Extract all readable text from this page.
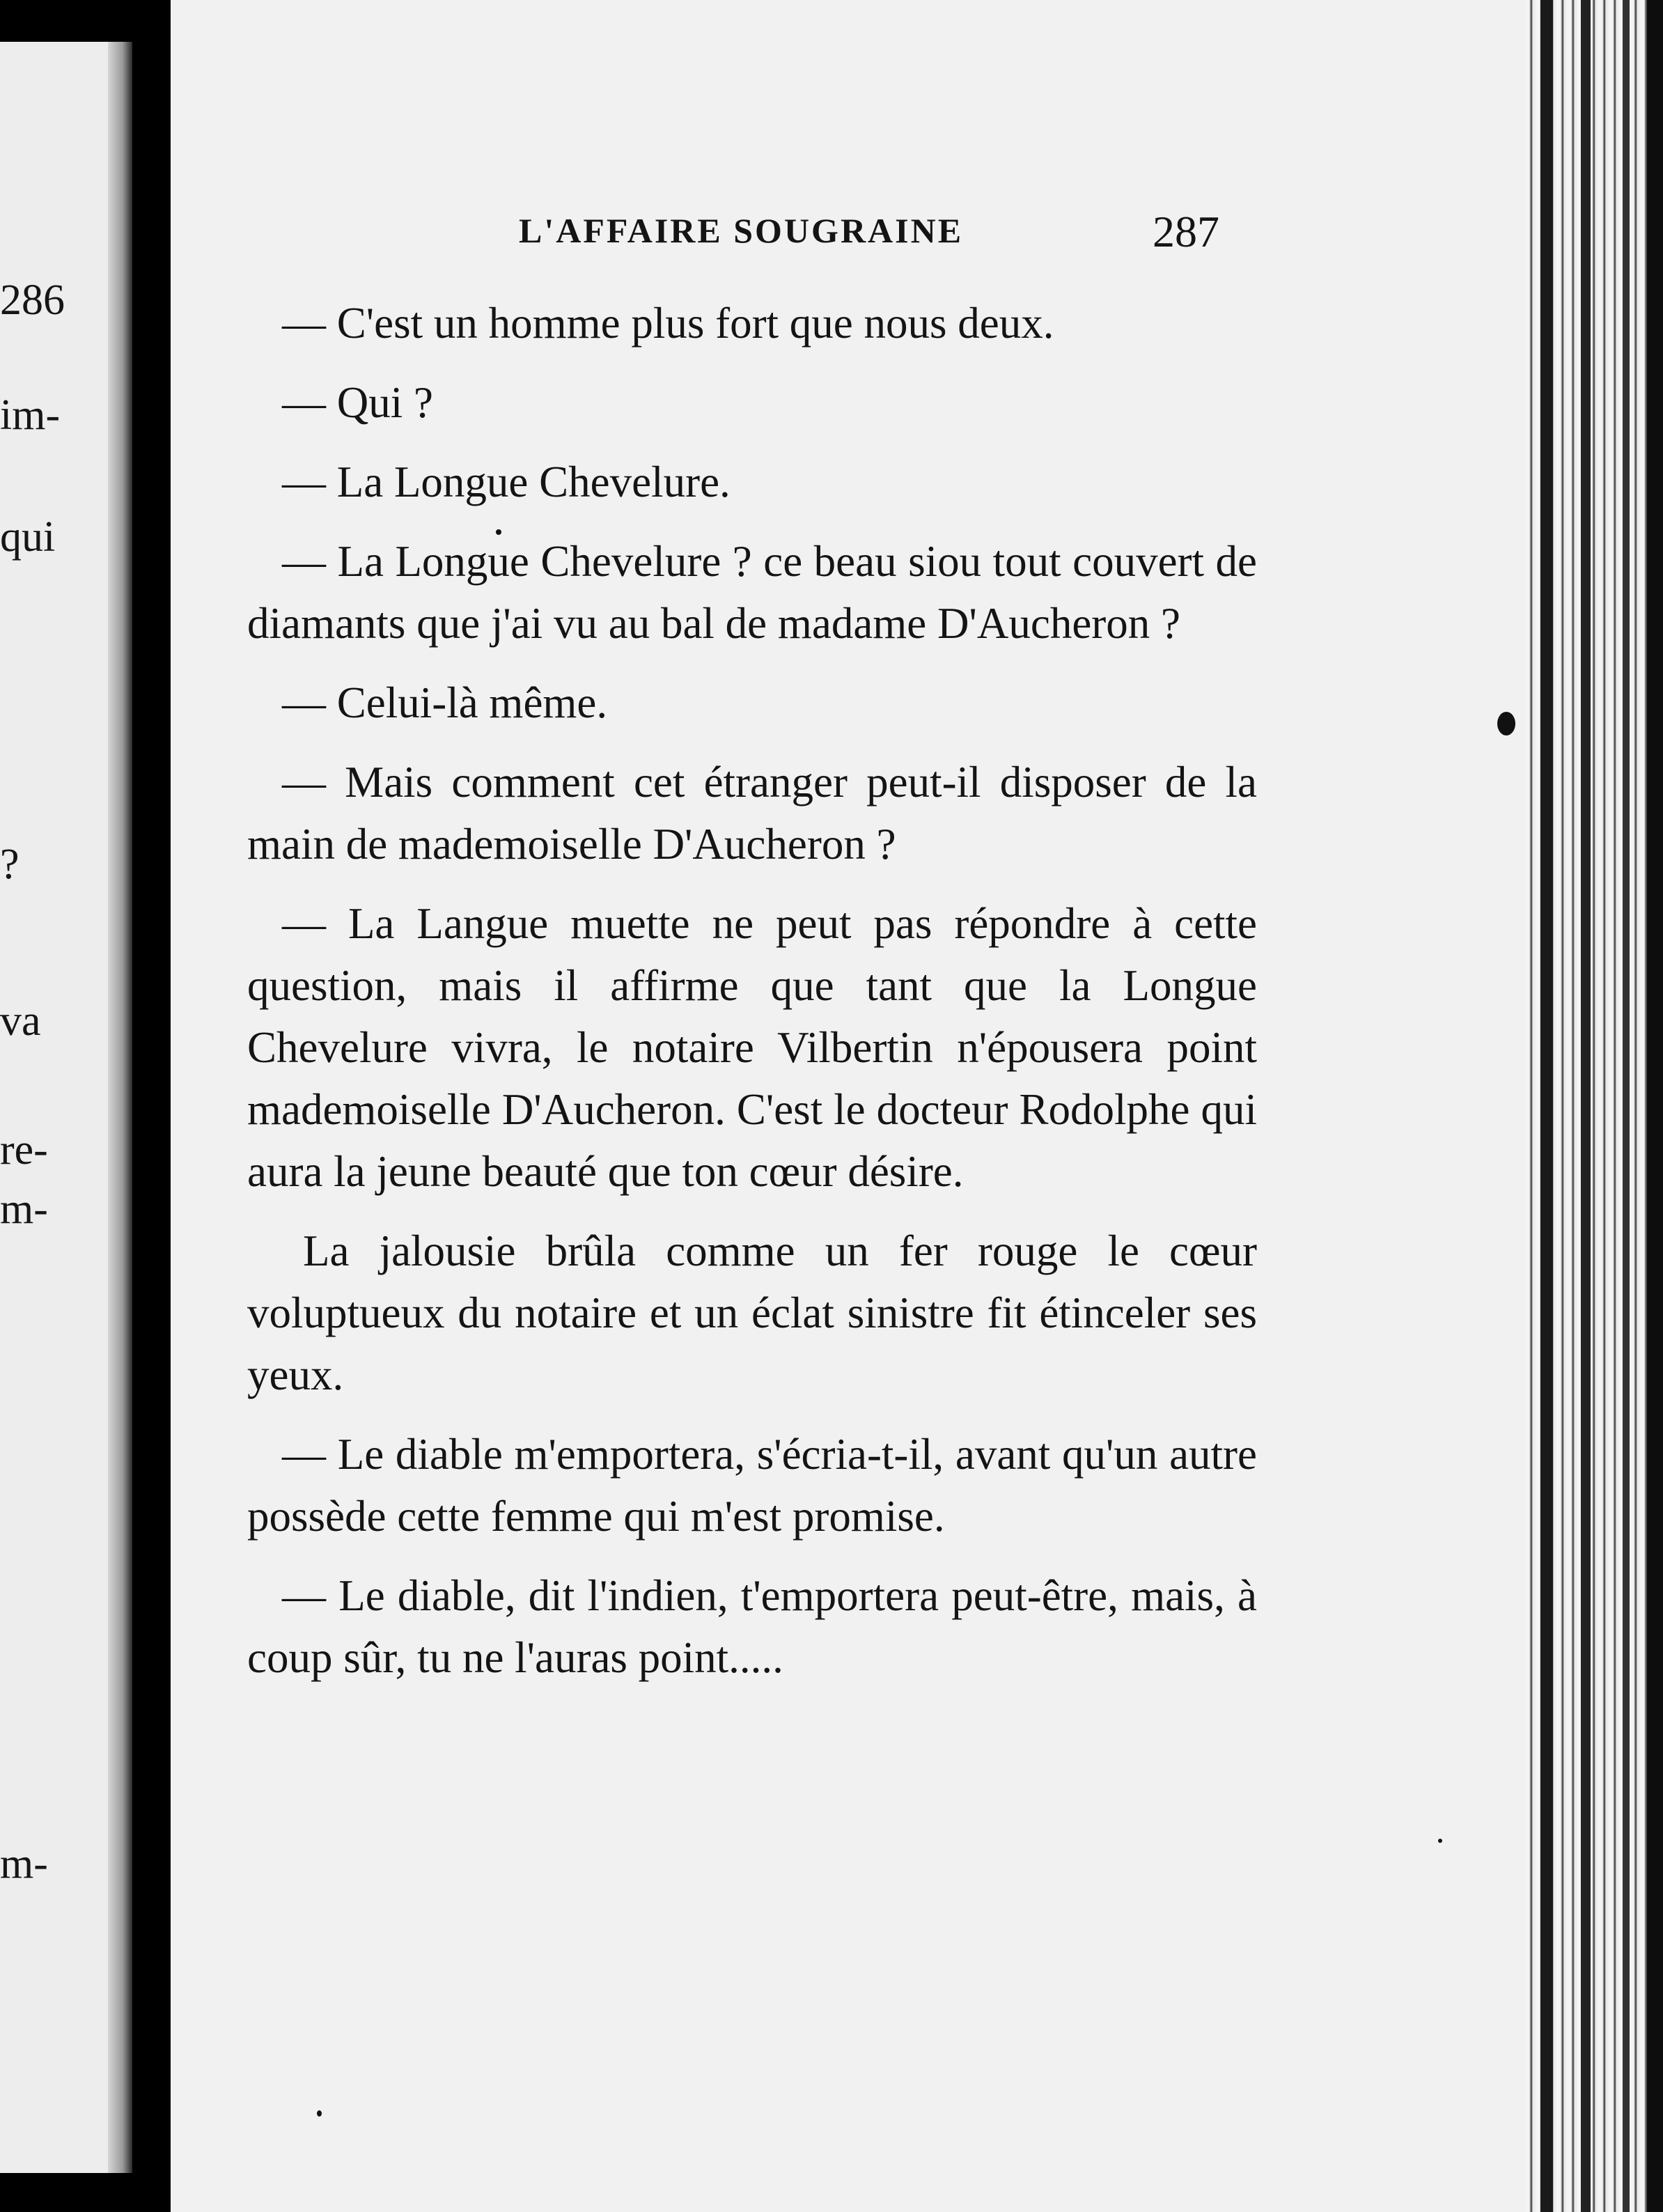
286
im-
qui
?
va
re-
m-
m-
L'AFFAIRE SOUGRAINE	287

— C'est un homme plus fort que nous deux.

— Qui ?

— La Longue Chevelure.

— La Longue Chevelure ? ce beau siou tout couvert de diamants que j'ai vu au bal de madame D'Aucheron ?

— Celui-là même.

— Mais comment cet étranger peut-il disposer de la main de mademoiselle D'Aucheron ?

— La Langue muette ne peut pas répondre à cette question, mais il affirme que tant que la Longue Chevelure vivra, le notaire Vilbertin n'épousera point mademoiselle D'Aucheron. C'est le docteur Rodolphe qui aura la jeune beauté que ton cœur désire.

La jalousie brûla comme un fer rouge le cœur voluptueux du notaire et un éclat sinistre fit étinceler ses yeux.

— Le diable m'emportera, s'écria-t-il, avant qu'un autre possède cette femme qui m'est promise.

— Le diable, dit l'indien, t'emportera peut-être, mais, à coup sûr, tu ne l'auras point.....
